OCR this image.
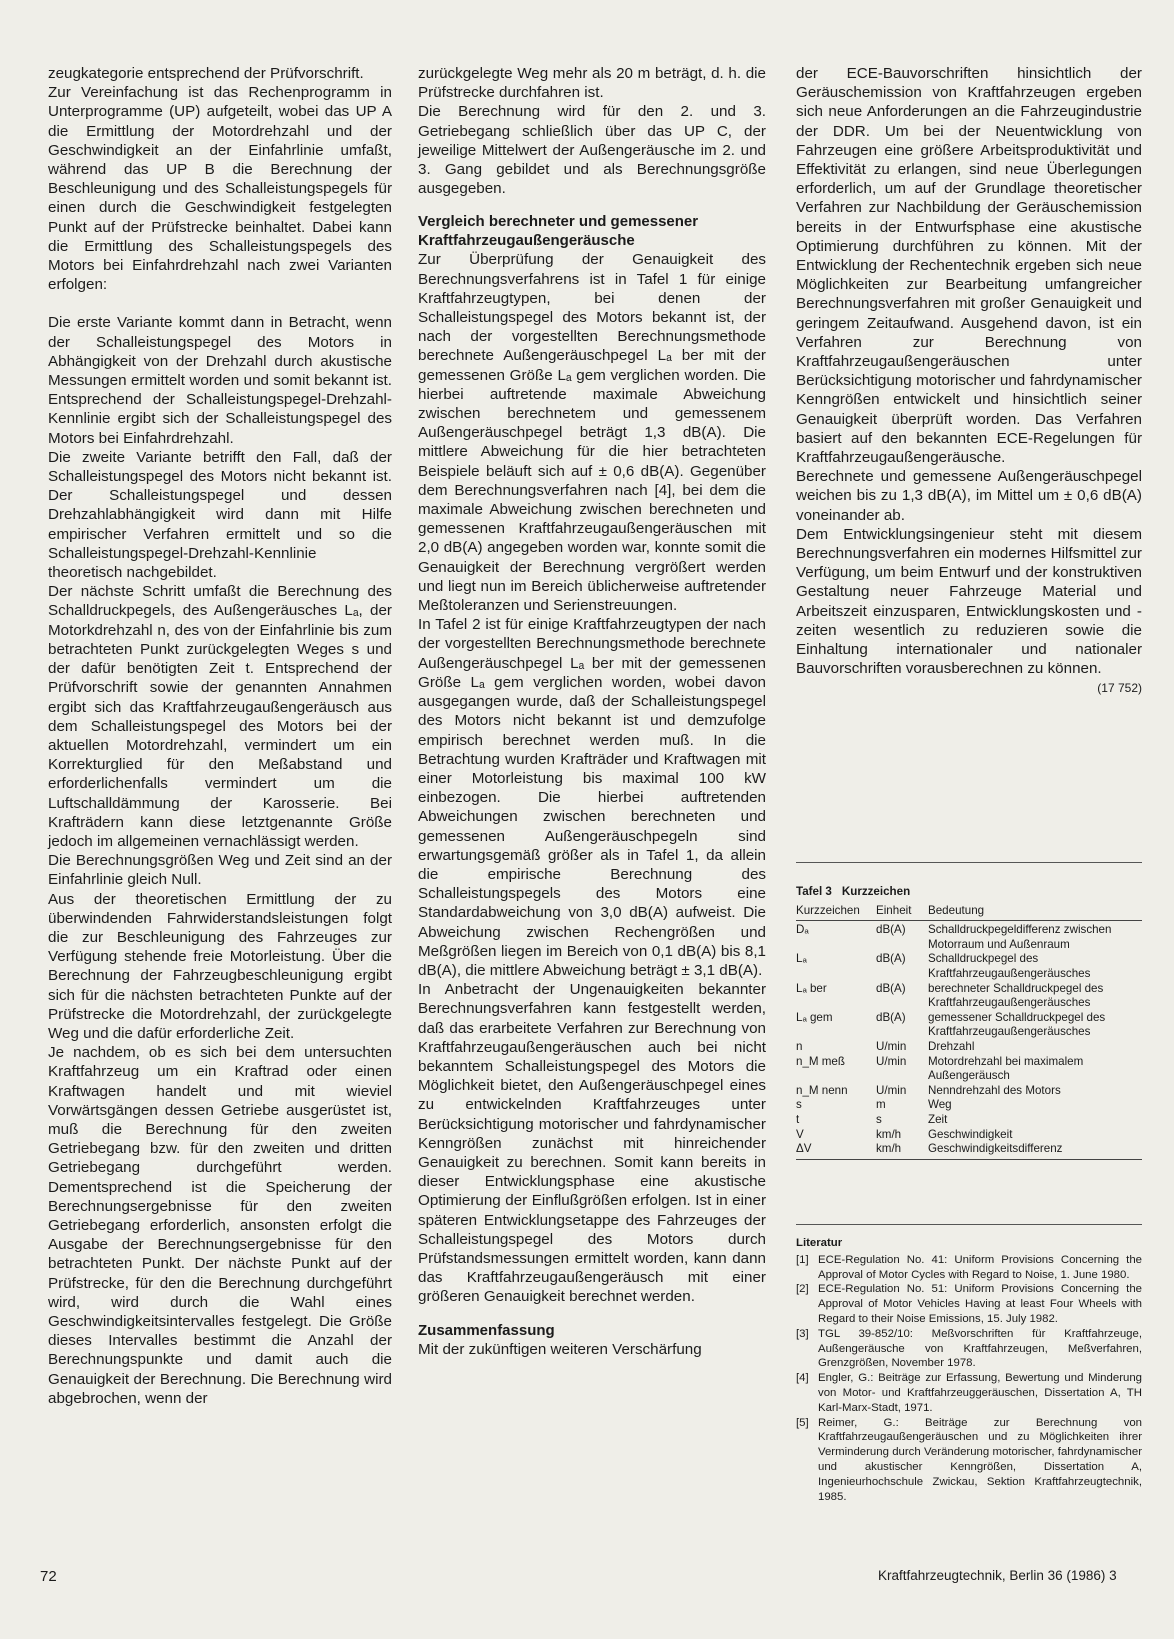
zeugkategorie entsprechend der Prüfvorschrift.

Zur Vereinfachung ist das Rechenprogramm in Unterprogramme (UP) aufgeteilt, wobei das UP A die Ermittlung der Motordrehzahl und der Geschwindigkeit an der Einfahrlinie umfaßt, während das UP B die Berechnung der Beschleunigung und des Schalleistungspegels für einen durch die Geschwindigkeit festgelegten Punkt auf der Prüfstrecke beinhaltet. Dabei kann die Ermittlung des Schalleistungspegels des Motors bei Einfahrdrehzahl nach zwei Varianten erfolgen:

Die erste Variante kommt dann in Betracht, wenn der Schalleistungspegel des Motors in Abhängigkeit von der Drehzahl durch akustische Messungen ermittelt worden und somit bekannt ist. Entsprechend der Schalleistungspegel-Drehzahl-Kennlinie ergibt sich der Schalleistungspegel des Motors bei Einfahrdrehzahl.

Die zweite Variante betrifft den Fall, daß der Schalleistungspegel des Motors nicht bekannt ist. Der Schalleistungspegel und dessen Drehzahlabhängigkeit wird dann mit Hilfe empirischer Verfahren ermittelt und so die Schalleistungspegel-Drehzahl-Kennlinie theoretisch nachgebildet.

Der nächste Schritt umfaßt die Berechnung des Schalldruckpegels, des Außengeräusches Lₐ, der Motorkdrehzahl n, des von der Einfahrlinie bis zum betrachteten Punkt zurückgelegten Weges s und der dafür benötigten Zeit t. Entsprechend der Prüfvorschrift sowie der genannten Annahmen ergibt sich das Kraftfahrzeugaußengeräusch aus dem Schalleistungspegel des Motors bei der aktuellen Motordrehzahl, vermindert um ein Korrekturglied für den Meßabstand und erforderlichenfalls vermindert um die Luftschalldämmung der Karosserie. Bei Krafträdern kann diese letztgenannte Größe jedoch im allgemeinen vernachlässigt werden.

Die Berechnungsgrößen Weg und Zeit sind an der Einfahrlinie gleich Null.

Aus der theoretischen Ermittlung der zu überwindenden Fahrwiderstandsleistungen folgt die zur Beschleunigung des Fahrzeuges zur Verfügung stehende freie Motorleistung. Über die Berechnung der Fahrzeugbeschleunigung ergibt sich für die nächsten betrachteten Punkte auf der Prüfstrecke die Motordrehzahl, der zurückgelegte Weg und die dafür erforderliche Zeit.

Je nachdem, ob es sich bei dem untersuchten Kraftfahrzeug um ein Kraftrad oder einen Kraftwagen handelt und mit wieviel Vorwärtsgängen dessen Getriebe ausgerüstet ist, muß die Berechnung für den zweiten Getriebegang bzw. für den zweiten und dritten Getriebegang durchgeführt werden. Dementsprechend ist die Speicherung der Berechnungsergebnisse für den zweiten Getriebegang erforderlich, ansonsten erfolgt die Ausgabe der Berechnungsergebnisse für den betrachteten Punkt. Der nächste Punkt auf der Prüfstrecke, für den die Berechnung durchgeführt wird, wird durch die Wahl eines Geschwindigkeitsintervalles festgelegt. Die Größe dieses Intervalles bestimmt die Anzahl der Berechnungspunkte und damit auch die Genauigkeit der Berechnung. Die Berechnung wird abgebrochen, wenn der

zurückgelegte Weg mehr als 20 m beträgt, d. h. die Prüfstrecke durchfahren ist.

Die Berechnung wird für den 2. und 3. Getriebegang schließlich über das UP C, der jeweilige Mittelwert der Außengeräusche im 2. und 3. Gang gebildet und als Berechnungsgröße ausgegeben.

Vergleich berechneter und gemessener
Kraftfahrzeugaußengeräusche

Zur Überprüfung der Genauigkeit des Berechnungsverfahrens ist in Tafel 1 für einige Kraftfahrzeugtypen, bei denen der Schalleistungspegel des Motors bekannt ist, der nach der vorgestellten Berechnungsmethode berechnete Außengeräuschpegel Lₐ ber mit der gemessenen Größe Lₐ gem verglichen worden. Die hierbei auftretende maximale Abweichung zwischen berechnetem und gemessenem Außengeräuschpegel beträgt 1,3 dB(A). Die mittlere Abweichung für die hier betrachteten Beispiele beläuft sich auf ± 0,6 dB(A). Gegenüber dem Berechnungsverfahren nach [4], bei dem die maximale Abweichung zwischen berechneten und gemessenen Kraftfahrzeugaußengeräuschen mit 2,0 dB(A) angegeben worden war, konnte somit die Genauigkeit der Berechnung vergrößert werden und liegt nun im Bereich üblicherweise auftretender Meßtoleranzen und Serienstreuungen.

In Tafel 2 ist für einige Kraftfahrzeugtypen der nach der vorgestellten Berechnungsmethode berechnete Außengeräuschpegel Lₐ ber mit der gemessenen Größe Lₐ gem verglichen worden, wobei davon ausgegangen wurde, daß der Schalleistungspegel des Motors nicht bekannt ist und demzufolge empirisch berechnet werden muß. In die Betrachtung wurden Krafträder und Kraftwagen mit einer Motorleistung bis maximal 100 kW einbezogen. Die hierbei auftretenden Abweichungen zwischen berechneten und gemessenen Außengeräuschpegeln sind erwartungsgemäß größer als in Tafel 1, da allein die empirische Berechnung des Schalleistungspegels des Motors eine Standardabweichung von 3,0 dB(A) aufweist. Die Abweichung zwischen Rechengrößen und Meßgrößen liegen im Bereich von 0,1 dB(A) bis 8,1 dB(A), die mittlere Abweichung beträgt ± 3,1 dB(A).

In Anbetracht der Ungenauigkeiten bekannter Berechnungsverfahren kann festgestellt werden, daß das erarbeitete Verfahren zur Berechnung von Kraftfahrzeugaußengeräuschen auch bei nicht bekanntem Schalleistungspegel des Motors die Möglichkeit bietet, den Außengeräuschpegel eines zu entwickelnden Kraftfahrzeuges unter Berücksichtigung motorischer und fahrdynamischer Kenngrößen zunächst mit hinreichender Genauigkeit zu berechnen. Somit kann bereits in dieser Entwicklungsphase eine akustische Optimierung der Einflußgrößen erfolgen. Ist in einer späteren Entwicklungsetappe des Fahrzeuges der Schalleistungspegel des Motors durch Prüfstandsmessungen ermittelt worden, kann dann das Kraftfahrzeugaußengeräusch mit einer größeren Genauigkeit berechnet werden.

Zusammenfassung

Mit der zukünftigen weiteren Verschärfung

der ECE-Bauvorschriften hinsichtlich der Geräuschemission von Kraftfahrzeugen ergeben sich neue Anforderungen an die Fahrzeugindustrie der DDR. Um bei der Neuentwicklung von Fahrzeugen eine größere Arbeitsproduktivität und Effektivität zu erlangen, sind neue Überlegungen erforderlich, um auf der Grundlage theoretischer Verfahren zur Nachbildung der Geräuschemission bereits in der Entwurfsphase eine akustische Optimierung durchführen zu können. Mit der Entwicklung der Rechentechnik ergeben sich neue Möglichkeiten zur Bearbeitung umfangreicher Berechnungsverfahren mit großer Genauigkeit und geringem Zeitaufwand. Ausgehend davon, ist ein Verfahren zur Berechnung von Kraftfahrzeugaußengeräuschen unter Berücksichtigung motorischer und fahrdynamischer Kenngrößen entwickelt und hinsichtlich seiner Genauigkeit überprüft worden. Das Verfahren basiert auf den bekannten ECE-Regelungen für Kraftfahrzeugaußengeräusche.

Berechnete und gemessene Außengeräuschpegel weichen bis zu 1,3 dB(A), im Mittel um ± 0,6 dB(A) voneinander ab.

Dem Entwicklungsingenieur steht mit diesem Berechnungsverfahren ein modernes Hilfsmittel zur Verfügung, um beim Entwurf und der konstruktiven Gestaltung neuer Fahrzeuge Material und Arbeitszeit einzusparen, Entwicklungskosten und -zeiten wesentlich zu reduzieren sowie die Einhaltung internationaler und nationaler Bauvorschriften vorausberechnen zu können.

(17 752)

Tafel 3 Kurzzeichen
Kurzzeichen	Einheit	Bedeutung
Dₐ	dB(A)	Schalldruckpegeldifferenz zwischen Motorraum und Außenraum
Lₐ	dB(A)	Schalldruckpegel des Kraftfahrzeugaußengeräusches
Lₐ ber	dB(A)	berechneter Schalldruckpegel des Kraftfahrzeugaußengeräusches
Lₐ gem	dB(A)	gemessener Schalldruckpegel des Kraftfahrzeugaußengeräusches
n	U/min	Drehzahl
n_M meß	U/min	Motordrehzahl bei maximalem Außengeräusch
n_M nenn	U/min	Nenndrehzahl des Motors
s	m	Weg
t	s	Zeit
V	km/h	Geschwindigkeit
ΔV	km/h	Geschwindigkeitsdifferenz
Literatur
[1] ECE-Regulation No. 41: Uniform Provisions Concerning the Approval of Motor Cycles with Regard to Noise, 1. June 1980.
[2] ECE-Regulation No. 51: Uniform Provisions Concerning the Approval of Motor Vehicles Having at least Four Wheels with Regard to their Noise Emissions, 15. July 1982.
[3] TGL 39-852/10: Meßvorschriften für Kraftfahrzeuge, Außengeräusche von Kraftfahrzeugen, Meßverfahren, Grenzgrößen, November 1978.
[4] Engler, G.: Beiträge zur Erfassung, Bewertung und Minderung von Motor- und Kraftfahrzeuggeräuschen, Dissertation A, TH Karl-Marx-Stadt, 1971.
[5] Reimer, G.: Beiträge zur Berechnung von Kraftfahrzeugaußengeräuschen und zu Möglichkeiten ihrer Verminderung durch Veränderung motorischer, fahrdynamischer und akustischer Kenngrößen, Dissertation A, Ingenieurhochschule Zwickau, Sektion Kraftfahrzeugtechnik, 1985.
72	Kraftfahrzeugtechnik, Berlin 36 (1986) 3
